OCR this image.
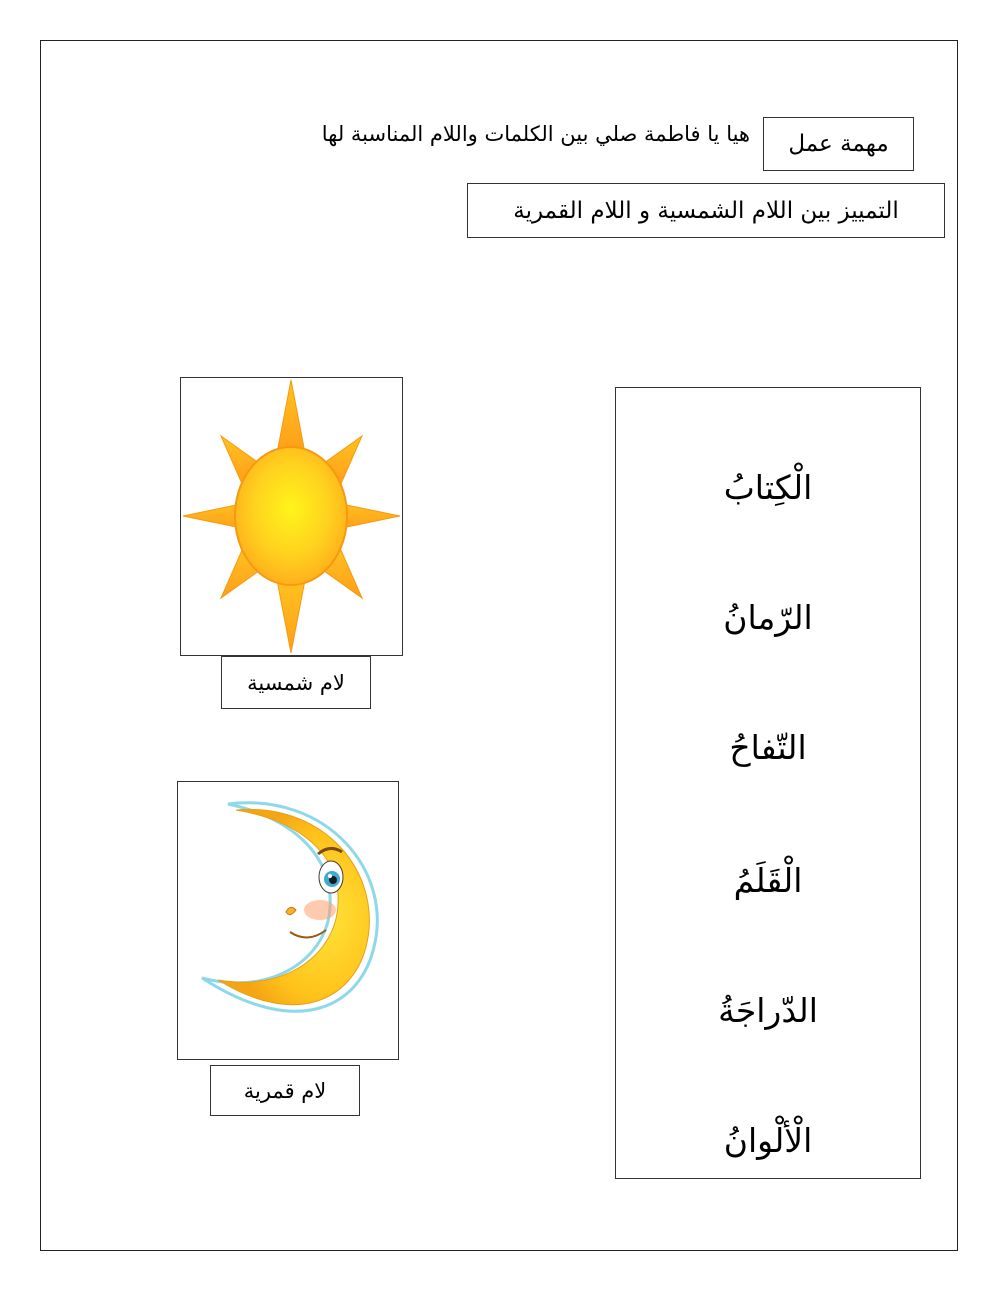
مهمة عمل
هيا يا فاطمة صلي بين الكلمات واللام المناسبة لها
التمييز بين اللام الشمسية و اللام القمرية
لام شمسية
لام قمرية
الْكِتابُ
الرّمانُ
التّفاحُ
الْقَلَمُ
الدّراجَةُ
الْألْوانُ
